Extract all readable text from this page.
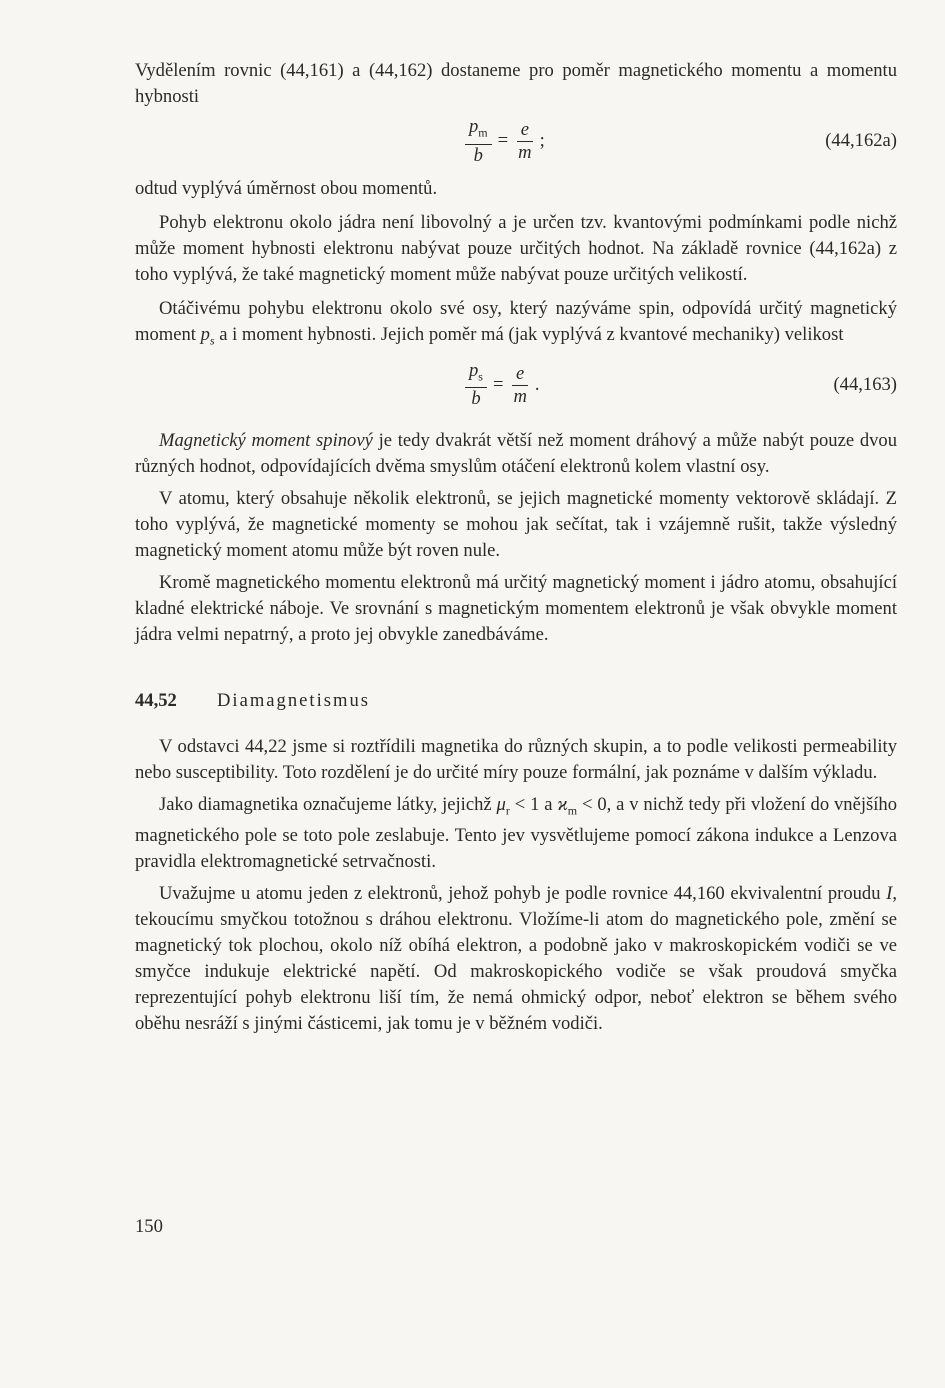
Vydělením rovnic (44,161) a (44,162) dostaneme pro poměr magnetického momentu a momentu hybnosti

$\frac{p_m}{b} = \frac{e}{m}$ ;	(44,162a)

odtud vyplývá úměrnost obou momentů.

Pohyb elektronu okolo jádra není libovolný a je určen tzv. kvantovými podmínkami podle nichž může moment hybnosti elektronu nabývat pouze určitých hodnot. Na základě rovnice (44,162a) z toho vyplývá, že také magnetický moment může nabývat pouze určitých velikostí.

Otáčivému pohybu elektronu okolo své osy, který nazýváme spin, odpovídá určitý magnetický moment $p_s$ a i moment hybnosti. Jejich poměr má (jak vyplývá z kvantové mechaniky) velikost

$\frac{p_s}{b} = \frac{e}{m}$ .	(44,163)

Magnetický moment spinový je tedy dvakrát větší než moment dráhový a může nabýt pouze dvou různých hodnot, odpovídajících dvěma smyslům otáčení elektronů kolem vlastní osy.

V atomu, který obsahuje několik elektronů, se jejich magnetické momenty vektorově skládají. Z toho vyplývá, že magnetické momenty se mohou jak sečítat, tak i vzájemně rušit, takže výsledný magnetický moment atomu může být roven nule.

Kromě magnetického momentu elektronů má určitý magnetický moment i jádro atomu, obsahující kladné elektrické náboje. Ve srovnání s magnetickým momentem elektronů je však obvykle moment jádra velmi nepatrný, a proto jej obvykle zanedbáváme.

44,52	Diamagnetismus

V odstavci 44,22 jsme si roztřídili magnetika do různých skupin, a to podle velikosti permeability nebo susceptibility. Toto rozdělení je do určité míry pouze formální, jak poznáme v dalším výkladu.

Jako diamagnetika označujeme látky, jejichž $\mu_r < 1$ a $ϰ_m < 0$, a v nichž tedy při vložení do vnějšího magnetického pole se toto pole zeslabuje. Tento jev vysvětlujeme pomocí zákona indukce a Lenzova pravidla elektromagnetické setrvačnosti.

Uvažujme u atomu jeden z elektronů, jehož pohyb je podle rovnice 44,160 ekvivalentní proudu I, tekoucímu smyčkou totožnou s dráhou elektronu. Vložíme-li atom do magnetického pole, změní se magnetický tok plochou, okolo níž obíhá elektron, a podobně jako v makroskopickém vodiči se ve smyčce indukuje elektrické napětí. Od makroskopického vodiče se však proudová smyčka reprezentující pohyb elektronu liší tím, že nemá ohmický odpor, neboť elektron se během svého oběhu nesráží s jinými částicemi, jak tomu je v běžném vodiči.

150
